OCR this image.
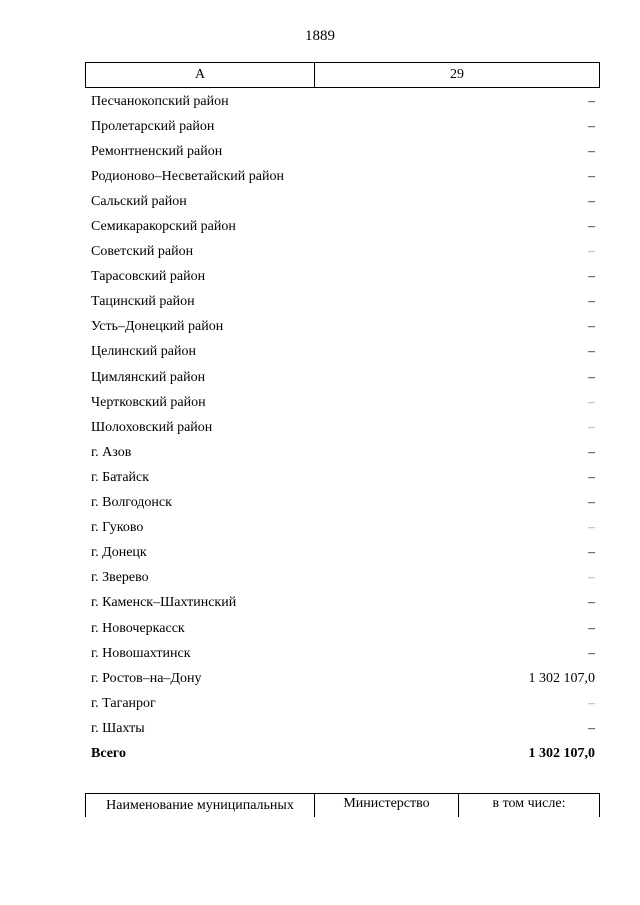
1889
А	29
Песчанокопский район	–
Пролетарский район	–
Ремонтненский район	–
Родионово–Несветайский район	–
Сальский район	–
Семикаракорский район	–
Советский район	–
Тарасовский район	–
Тацинский район	–
Усть–Донецкий район	–
Целинский район	–
Цимлянский район	–
Чертковский район	–
Шолоховский район	–
г. Азов	–
г. Батайск	–
г. Волгодонск	–
г. Гуково	–
г. Донецк	–
г. Зверево	–
г. Каменск–Шахтинский	–
г. Новочеркасск	–
г. Новошахтинск	–
г. Ростов–на–Дону	1 302 107,0
г. Таганрог	–
г. Шахты	–
Всего	1 302 107,0
Наименование муниципальных	Министерство	в том числе:
